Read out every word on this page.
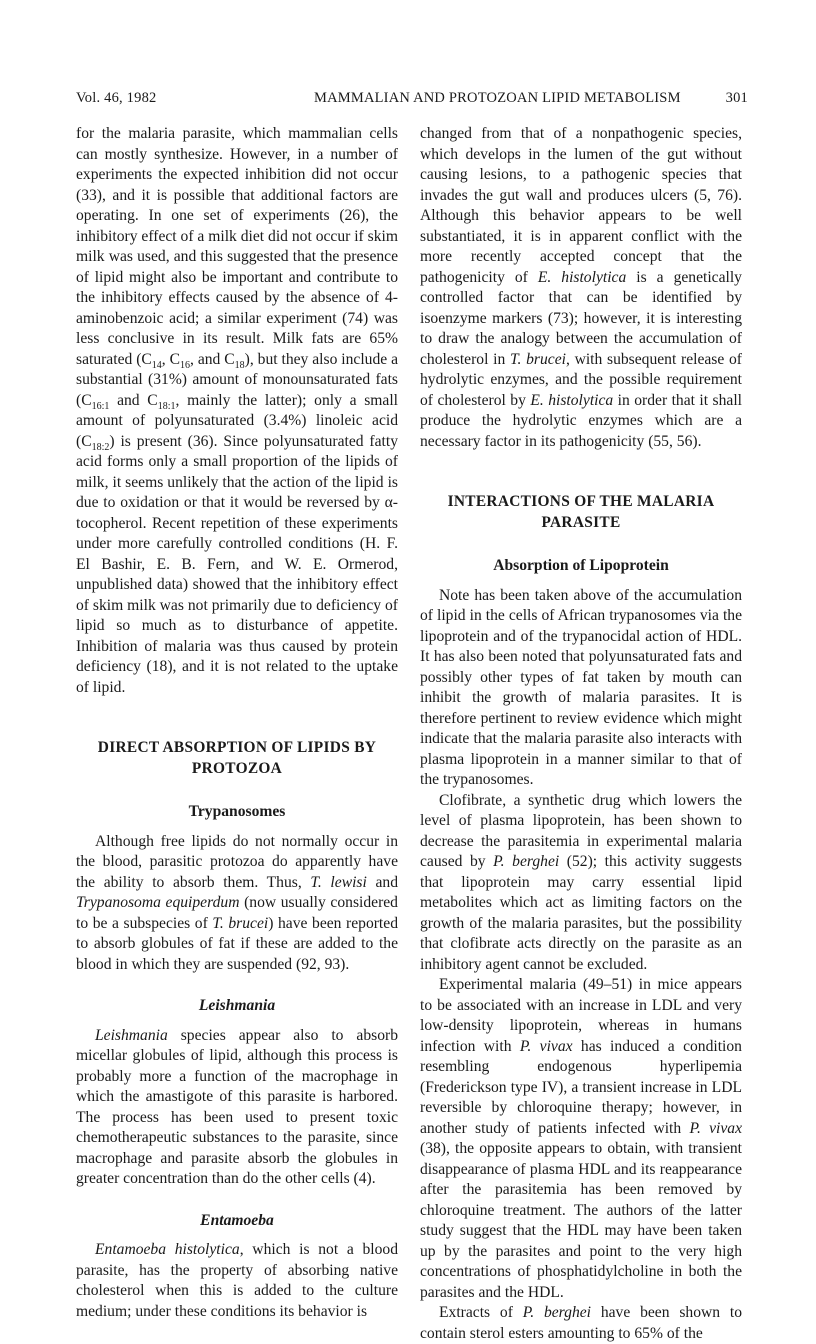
Vol. 46, 1982	MAMMALIAN AND PROTOZOAN LIPID METABOLISM	301

for the malaria parasite, which mammalian cells can mostly synthesize. However, in a number of experiments the expected inhibition did not occur (33), and it is possible that additional factors are operating. In one set of experiments (26), the inhibitory effect of a milk diet did not occur if skim milk was used, and this suggested that the presence of lipid might also be important and contribute to the inhibitory effects caused by the absence of 4-aminobenzoic acid; a similar experiment (74) was less conclusive in its result. Milk fats are 65% saturated ($C_{14}$, $C_{16}$, and $C_{18}$), but they also include a substantial (31%) amount of monounsaturated fats ($C_{16:1}$ and $C_{18:1}$, mainly the latter); only a small amount of polyunsaturated (3.4%) linoleic acid $(C_{18:2})$ is present (36). Since polyunsaturated fatty acid forms only a small proportion of the lipids of milk, it seems unlikely that the action of the lipid is due to oxidation or that it would be reversed by α-tocopherol. Recent repetition of these experiments under more carefully controlled conditions (H. F. El Bashir, E. B. Fern, and W. E. Ormerod, unpublished data) showed that the inhibitory effect of skim milk was not primarily due to deficiency of lipid so much as to disturbance of appetite. Inhibition of malaria was thus caused by protein deficiency (18), and it is not related to the uptake of lipid.

DIRECT ABSORPTION OF LIPIDS BY PROTOZOA
Trypanosomes

Although free lipids do not normally occur in the blood, parasitic protozoa do apparently have the ability to absorb them. Thus, T. lewisi and Trypanosoma equiperdum (now usually considered to be a subspecies of T. brucei) have been reported to absorb globules of fat if these are added to the blood in which they are suspended (92, 93).

Leishmania

Leishmania species appear also to absorb micellar globules of lipid, although this process is probably more a function of the macrophage in which the amastigote of this parasite is harbored. The process has been used to present toxic chemotherapeutic substances to the parasite, since macrophage and parasite absorb the globules in greater concentration than do the other cells (4).

Entamoeba

Entamoeba histolytica, which is not a blood parasite, has the property of absorbing native cholesterol when this is added to the culture medium; under these conditions its behavior is

changed from that of a nonpathogenic species, which develops in the lumen of the gut without causing lesions, to a pathogenic species that invades the gut wall and produces ulcers (5, 76). Although this behavior appears to be well substantiated, it is in apparent conflict with the more recently accepted concept that the pathogenicity of E. histolytica is a genetically controlled factor that can be identified by isoenzyme markers (73); however, it is interesting to draw the analogy between the accumulation of cholesterol in T. brucei, with subsequent release of hydrolytic enzymes, and the possible requirement of cholesterol by E. histolytica in order that it shall produce the hydrolytic enzymes which are a necessary factor in its pathogenicity (55, 56).

INTERACTIONS OF THE MALARIA PARASITE
Absorption of Lipoprotein

Note has been taken above of the accumulation of lipid in the cells of African trypanosomes via the lipoprotein and of the trypanocidal action of HDL. It has also been noted that polyunsaturated fats and possibly other types of fat taken by mouth can inhibit the growth of malaria parasites. It is therefore pertinent to review evidence which might indicate that the malaria parasite also interacts with plasma lipoprotein in a manner similar to that of the trypanosomes.

Clofibrate, a synthetic drug which lowers the level of plasma lipoprotein, has been shown to decrease the parasitemia in experimental malaria caused by P. berghei (52); this activity suggests that lipoprotein may carry essential lipid metabolites which act as limiting factors on the growth of the malaria parasites, but the possibility that clofibrate acts directly on the parasite as an inhibitory agent cannot be excluded.

Experimental malaria (49–51) in mice appears to be associated with an increase in LDL and very low-density lipoprotein, whereas in humans infection with P. vivax has induced a condition resembling endogenous hyperlipemia (Frederickson type IV), a transient increase in LDL reversible by chloroquine therapy; however, in another study of patients infected with P. vivax (38), the opposite appears to obtain, with transient disappearance of plasma HDL and its reappearance after the parasitemia has been removed by chloroquine treatment. The authors of the latter study suggest that the HDL may have been taken up by the parasites and point to the very high concentrations of phosphatidylcholine in both the parasites and the HDL.

Extracts of P. berghei have been shown to contain sterol esters amounting to 65% of the
